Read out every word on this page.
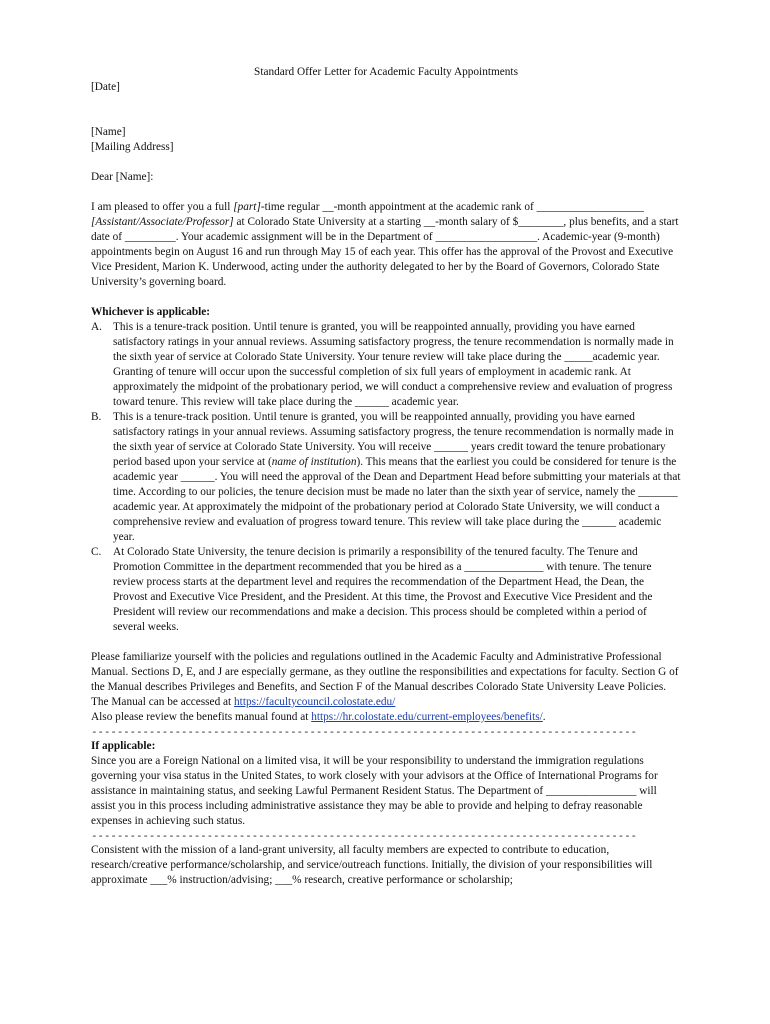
Standard Offer Letter for Academic Faculty Appointments

[Date]

[Name]

[Mailing Address]

Dear [Name]:

I am pleased to offer you a full [part]-time regular __-month appointment at the academic rank of ___________________ [Assistant/Associate/Professor] at Colorado State University at a starting __-month salary of $________, plus benefits, and a start date of _________. Your academic assignment will be in the Department of __________________. Academic-year (9-month) appointments begin on August 16 and run through May 15 of each year. This offer has the approval of the Provost and Executive Vice President, Marion K. Underwood, acting under the authority delegated to her by the Board of Governors, Colorado State University’s governing board.

Whichever is applicable:

A. This is a tenure-track position. Until tenure is granted, you will be reappointed annually, providing you have earned satisfactory ratings in your annual reviews. Assuming satisfactory progress, the tenure recommendation is normally made in the sixth year of service at Colorado State University. Your tenure review will take place during the _____academic year. Granting of tenure will occur upon the successful completion of six full years of employment in academic rank. At approximately the midpoint of the probationary period, we will conduct a comprehensive review and evaluation of progress toward tenure. This review will take place during the ______ academic year.
B.	This is a tenure-track position. Until tenure is granted, you will be reappointed annually, providing you have earned satisfactory ratings in your annual reviews. Assuming satisfactory progress, the tenure recommendation is normally made in the sixth year of service at Colorado State University. You will receive ______ years credit toward the tenure probationary period based upon your service at (name of institution). This means that the earliest you could be considered for tenure is the academic year ______. You will need the approval of the Dean and Department Head before submitting your materials at that time. According to our policies, the tenure decision must be made no later than the sixth year of service, namely the _______ academic year. At approximately the midpoint of the probationary period at Colorado State University, we will conduct a comprehensive review and evaluation of progress toward tenure. This review will take place during the ______ academic year.
C.	At Colorado State University, the tenure decision is primarily a responsibility of the tenured faculty. The Tenure and Promotion Committee in the department recommended that you be hired as a ______________ with tenure. The tenure review process starts at the department level and requires the recommendation of the Department Head, the Dean, the Provost and Executive Vice President, and the President. At this time, the Provost and Executive Vice President and the President will review our recommendations and make a decision. This process should be completed within a period of several weeks.

Please familiarize yourself with the policies and regulations outlined in the Academic Faculty and Administrative Professional Manual. Sections D, E, and J are especially germane, as they outline the responsibilities and expectations for faculty. Section G of the Manual describes Privileges and Benefits, and Section F of the Manual describes Colorado State University Leave Policies.

The Manual can be accessed at https://facultycouncil.colostate.edu/

Also please review the benefits manual found at https://hr.colostate.edu/current-employees/benefits/.

-------------------------------------------------------------------------------------

If applicable:

Since you are a Foreign National on a limited visa, it will be your responsibility to understand the immigration regulations governing your visa status in the United States, to work closely with your advisors at the Office of International Programs for assistance in maintaining status, and seeking Lawful Permanent Resident Status. The Department of ________________ will assist you in this process including administrative assistance they may be able to provide and helping to defray reasonable expenses in achieving such status.

-------------------------------------------------------------------------------------

Consistent with the mission of a land-grant university, all faculty members are expected to contribute to education, research/creative performance/scholarship, and service/outreach functions. Initially, the division of your responsibilities will approximate ___% instruction/advising; ___% research, creative performance or scholarship;
